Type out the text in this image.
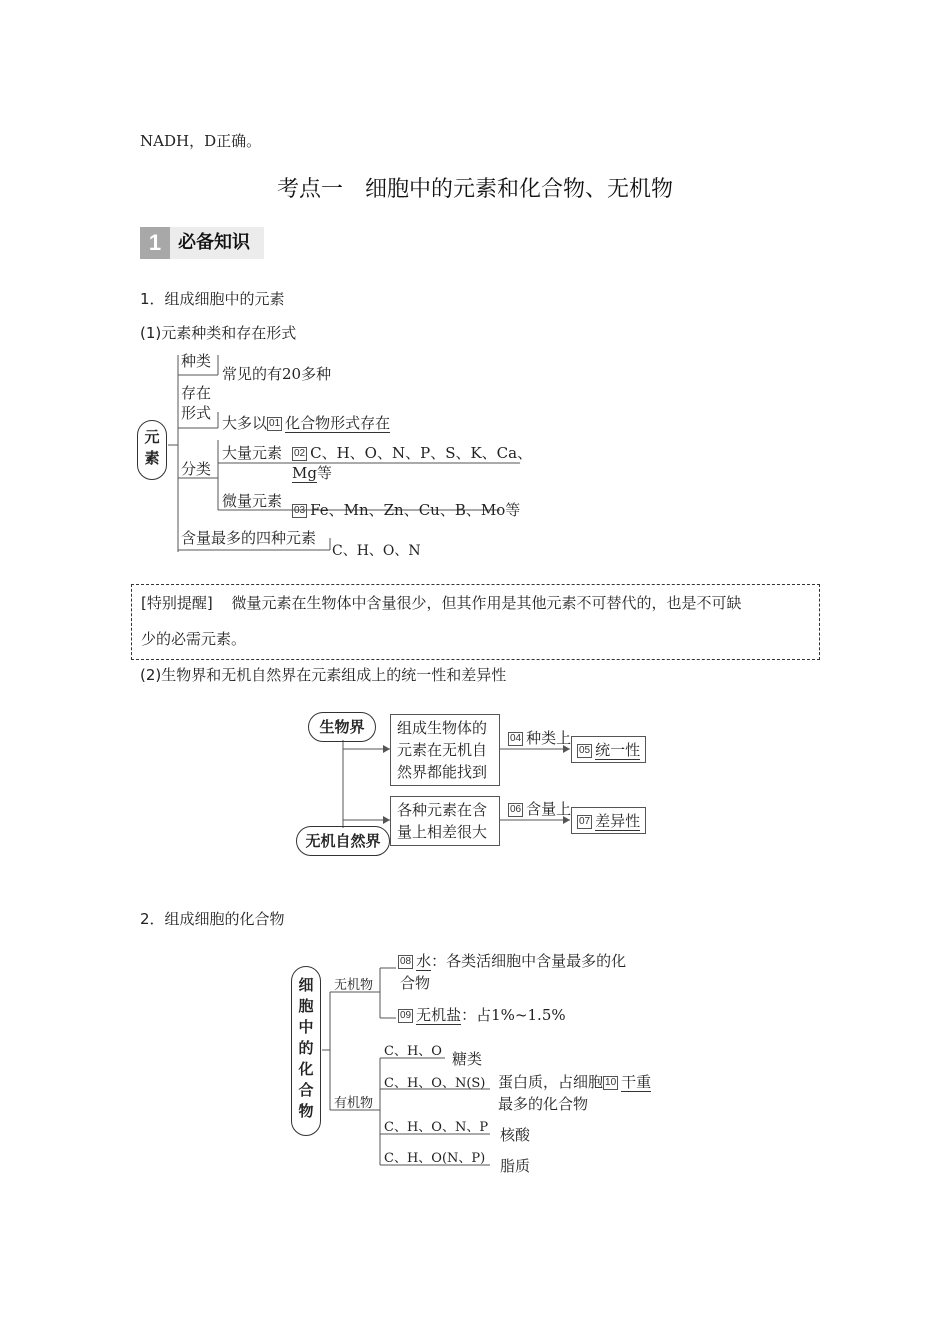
NADH，D正确。
考点一　细胞中的元素和化合物、无机物
1 必备知识
1．组成细胞中的元素
(1)元素种类和存在形式
元素
种类
常见的有20多种
存在
形式
大多以 01 化合物形式存在
分类
大量元素 02 C、H、O、N、P、S、K、Ca、
Mg等
微量元素
03 Fe、Mn、Zn、Cu、B、Mo等
含量最多的四种元素
C、H、O、N
[特别提醒] 微量元素在生物体中含量很少，但其作用是其他元素不可替代的，也是不可缺
少的必需元素。
(2)生物界和无机自然界在元素组成上的统一性和差异性
生物界
无机自然界
组成生物体的元素在无机自然界都能找到
各种元素在含量上相差很大
04 种类上
06 含量上
05 统一性
07 差异性
2．组成细胞的化合物
细
胞
中
的
化
合
物
无机物
08 水：各类活细胞中含量最多的化
合物
09 无机盐：占1%~1.5%
有机物
C、H、O 糖类
C、H、O、N(S) 蛋白质，占细胞 10 干重
最多的化合物
C、H、O、N、P 核酸
C、H、O(N、P) 脂质
